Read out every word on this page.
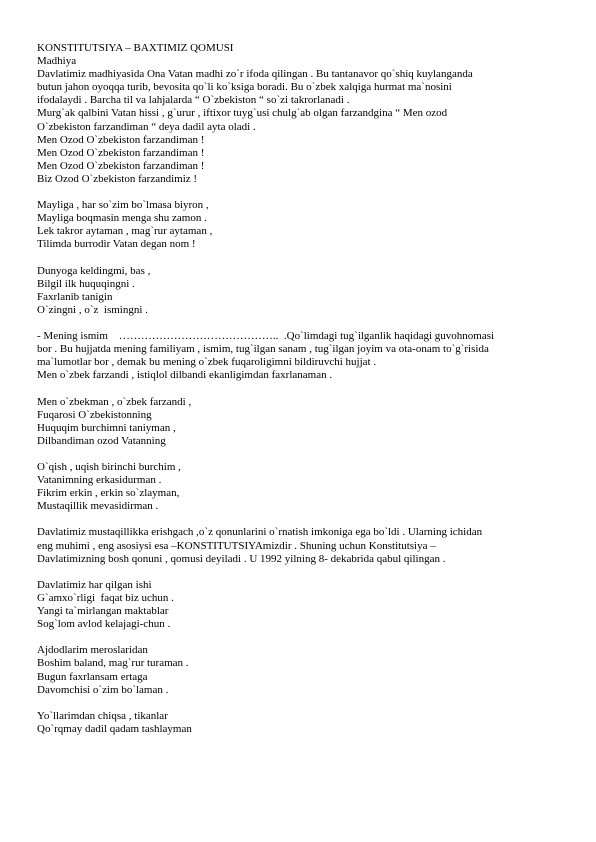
KONSTITUTSIYA – BAXTIMIZ QOMUSI
Madhiya
Davlatimiz madhiyasida Ona Vatan madhi zo`r ifoda qilingan . Bu tantanavor qo`shiq kuylanganda
butun jahon oyoqqa turib, bevosita qo`li ko`ksiga boradi. Bu o`zbek xalqiga hurmat ma`nosini
ifodalaydi . Barcha til va lahjalarda “ O`zbekiston “ so`zi takrorlanadi .
Murg`ak qalbini Vatan hissi , g`urur , iftixor tuyg`usi chulg`ab olgan farzandgina “ Men ozod
O`zbekiston farzandiman “ deya dadil ayta oladi .
Men Ozod O`zbekiston farzandiman !
Men Ozod O`zbekiston farzandiman !
Men Ozod O`zbekiston farzandiman !
Biz Ozod O`zbekiston farzandimiz !
Mayliga , har so`zim bo`lmasa biyron ,
Mayliga boqmasin menga shu zamon .
Lek takror aytaman , mag`rur aytaman ,
Tilimda burrodir Vatan degan nom !
Dunyoga keldingmi, bas ,
Bilgil ilk huquqingni .
Faxrlanib tanigin
O`zingni , o`z  ismingni .
- Mening ismim    ……………………………………..  .Qo`limdagi tug`ilganlik haqidagi guvohnomasi
bor . Bu hujjatda mening familiyam , ismim, tug`ilgan sanam , tug`ilgan joyim va ota-onam to`g`risida
ma`lumotlar bor , demak bu mening o`zbek fuqaroligimni bildiruvchi hujjat .
Men o`zbek farzandi , istiqlol dilbandi ekanligimdan faxrlanaman .
Men o`zbekman , o`zbek farzandi ,
Fuqarosi O`zbekistonning
Huquqim burchimni taniyman ,
Dilbandiman ozod Vatanning
O`qish , uqish birinchi burchim ,
Vatanimning erkasidurman .
Fikrim erkin , erkin so`zlayman,
Mustaqillik mevasidirman .
Davlatimiz mustaqillikka erishgach ,o`z qonunlarini o`rnatish imkoniga ega bo`ldi . Ularning ichidan
eng muhimi , eng asosiysi esa –KONSTITUTSIYAmizdir . Shuning uchun Konstitutsiya –
Davlatimizning bosh qonuni , qomusi deyiladi . U 1992 yilning 8- dekabrida qabul qilingan .
Davlatimiz har qilgan ishi
G`amxo`rligi  faqat biz uchun .
Yangi ta`mirlangan maktablar
Sog`lom avlod kelajagi-chun .
Ajdodlarim meroslaridan
Boshim baland, mag`rur turaman .
Bugun faxrlansam ertaga
Davomchisi o`zim bo`laman .
Yo`llarimdan chiqsa , tikanlar
Qo`rqmay dadil qadam tashlayman
